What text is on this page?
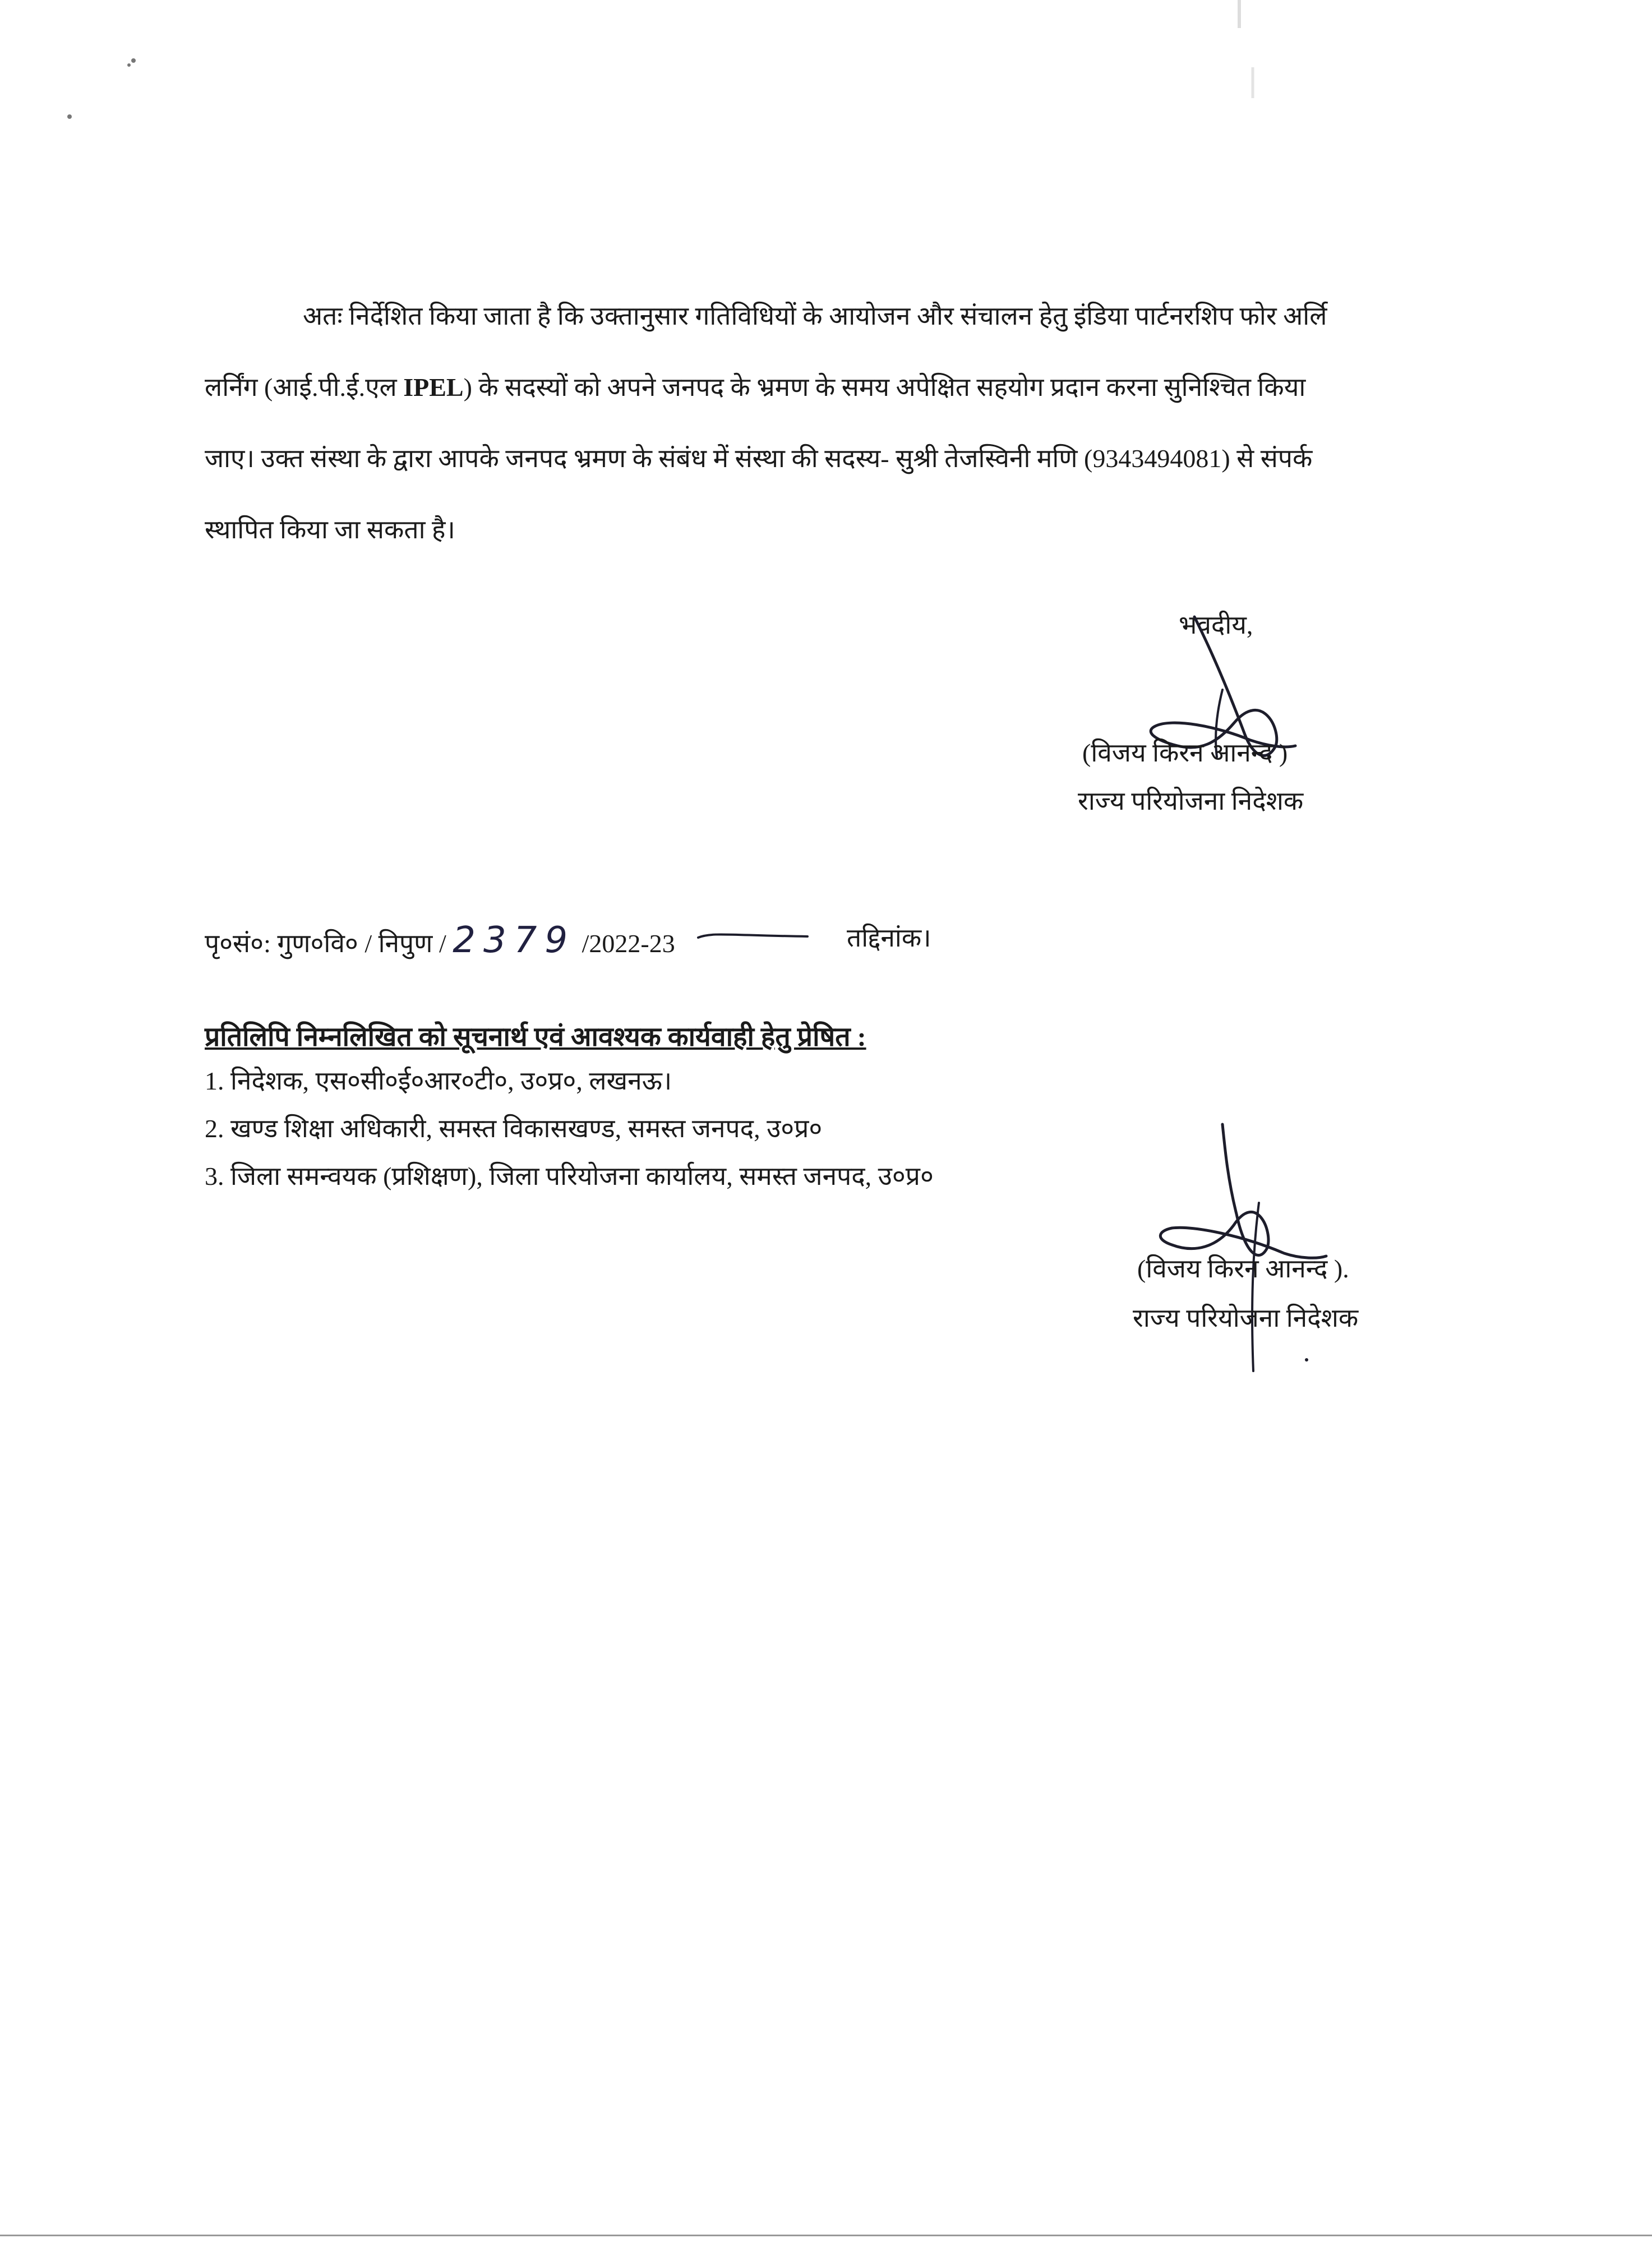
अतः निर्देशित किया जाता है कि उक्तानुसार गतिविधियों के आयोजन और संचालन हेतु इंडिया पार्टनरशिप फोर अर्लि
लर्निंग (आई.पी.ई.एल IPEL) के सदस्यों को अपने जनपद के भ्रमण के समय अपेक्षित सहयोग प्रदान करना सुनिश्चित किया
जाए। उक्त संस्था के द्वारा आपके जनपद भ्रमण के संबंध में संस्था की सदस्य- सुश्री तेजस्विनी मणि (9343494081) से संपर्क
स्थापित किया जा सकता है।
भवदीय,
(विजय किरन आनन्द )
राज्य परियोजना निदेशक
पृ०सं०: गुण०वि० / निपुण / 2379 /2022-23	तद्दिनांक।
प्रतिलिपि निम्नलिखित को सूचनार्थ एवं आवश्यक कार्यवाही हेतु प्रेषित :
1. निदेशक, एस०सी०ई०आर०टी०, उ०प्र०, लखनऊ।
2. खण्ड शिक्षा अधिकारी, समस्त विकासखण्ड, समस्त जनपद, उ०प्र०
3. जिला समन्वयक (प्रशिक्षण), जिला परियोजना कार्यालय, समस्त जनपद, उ०प्र०
(विजय किरन आनन्द ).
राज्य परियोजना निदेशक
